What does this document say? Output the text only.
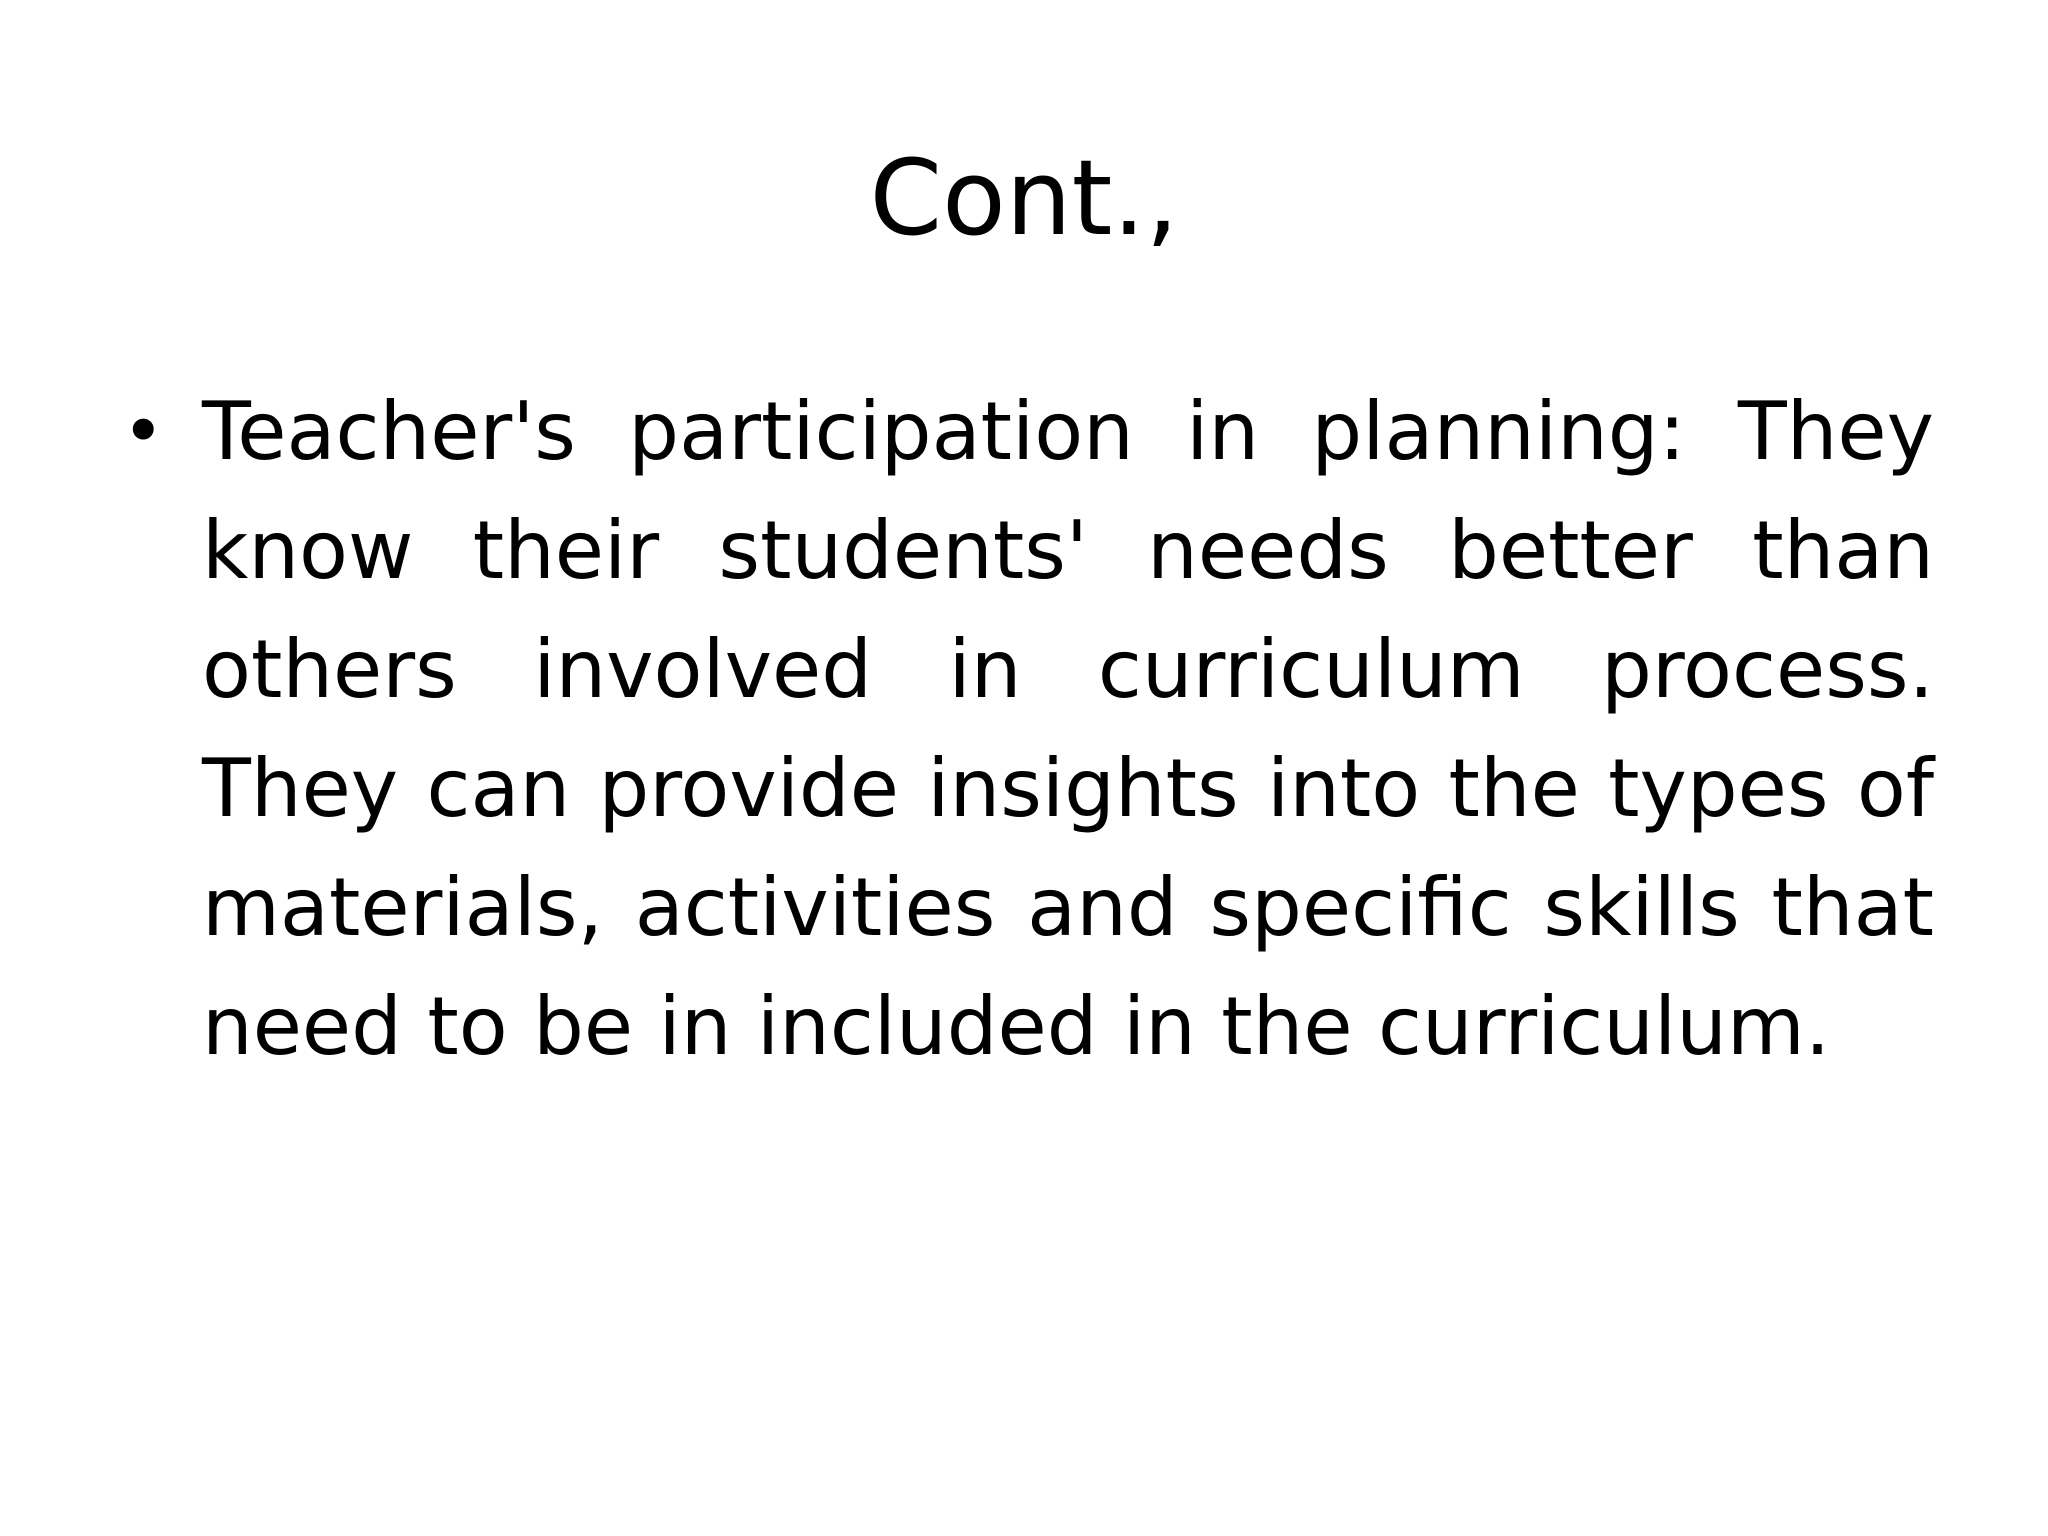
Cont.,
• Teacher's participation in planning: They know their students' needs better than others involved in curriculum process. They can provide insights into the types of materials, activities and specific skills that need to be in included in the curriculum.
